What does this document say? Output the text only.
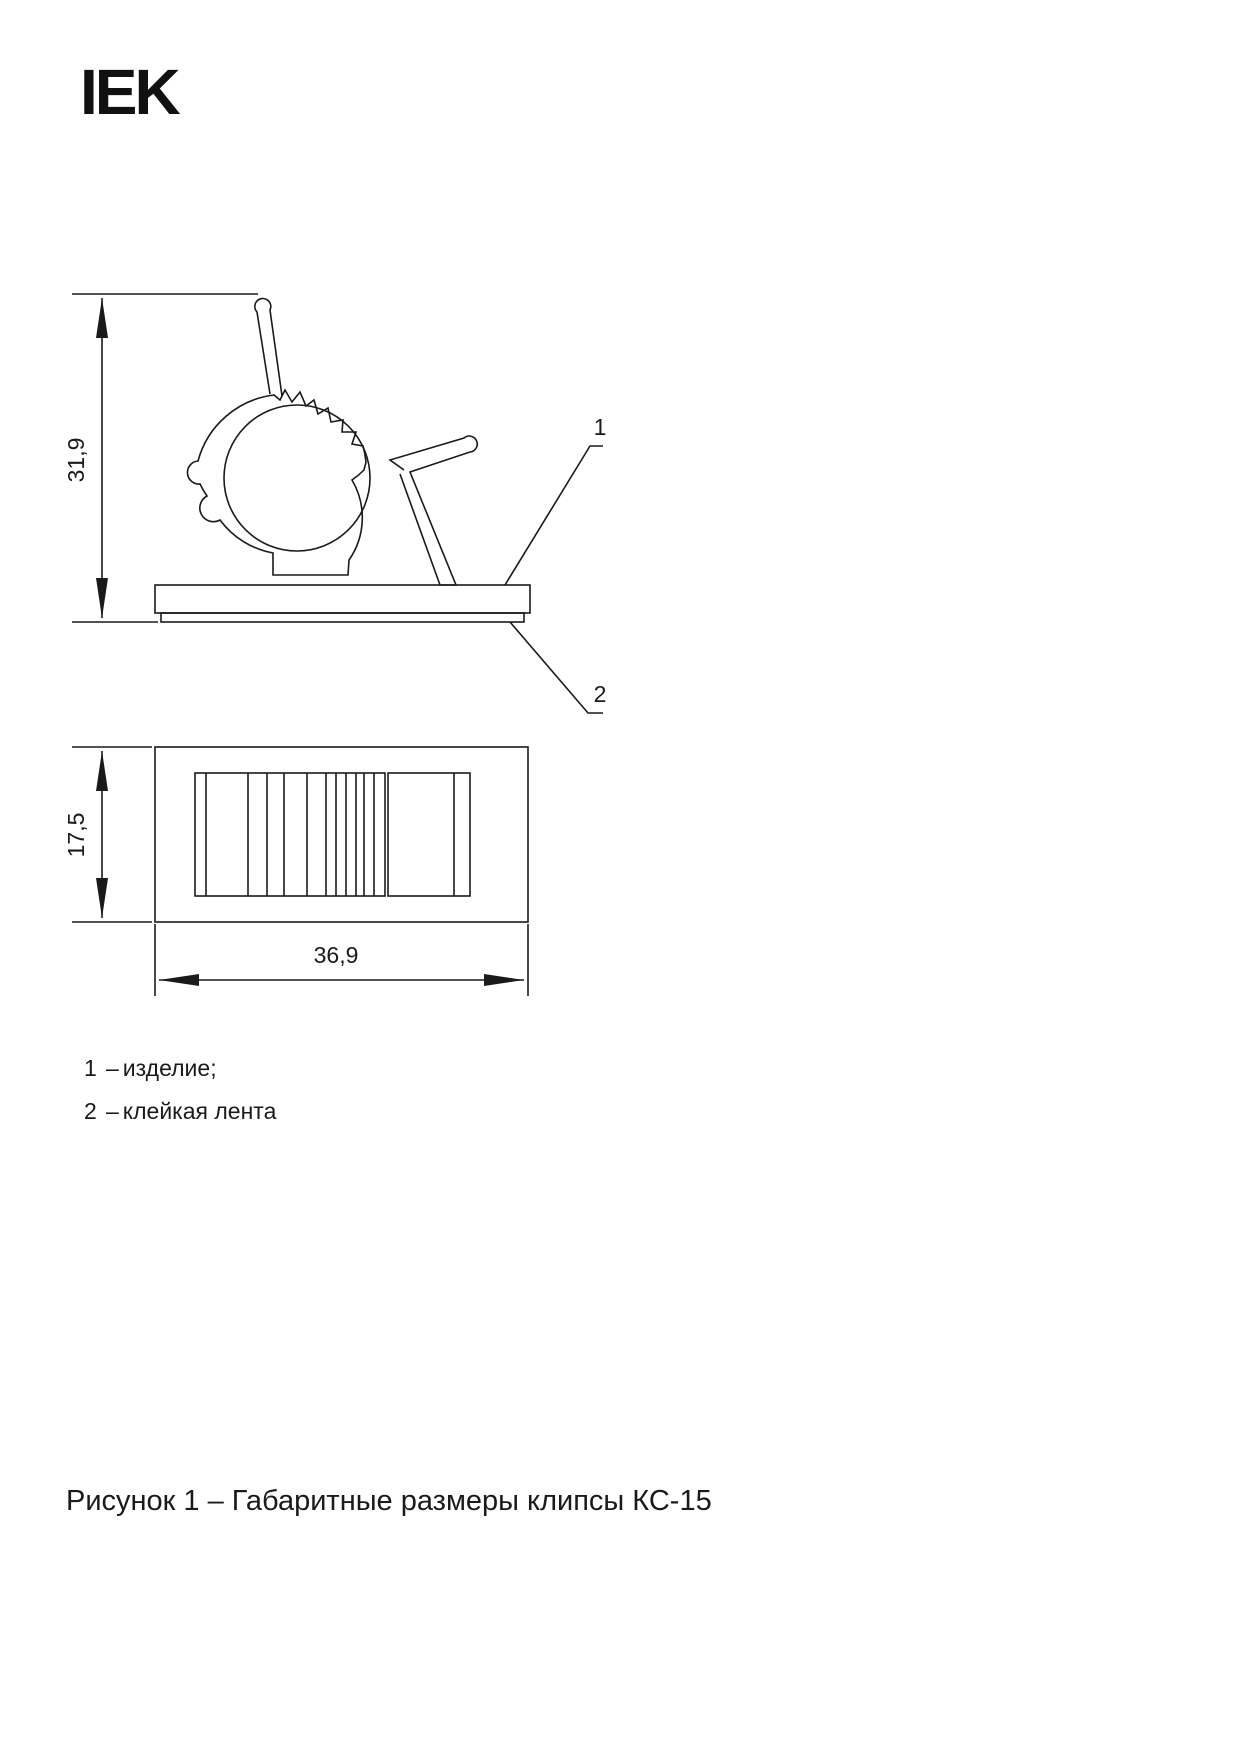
IEK
31,9
1
2
17,5
36,9
1 – изделие;
2 – клейкая лента
Рисунок 1 – Габаритные размеры клипсы КС-15
